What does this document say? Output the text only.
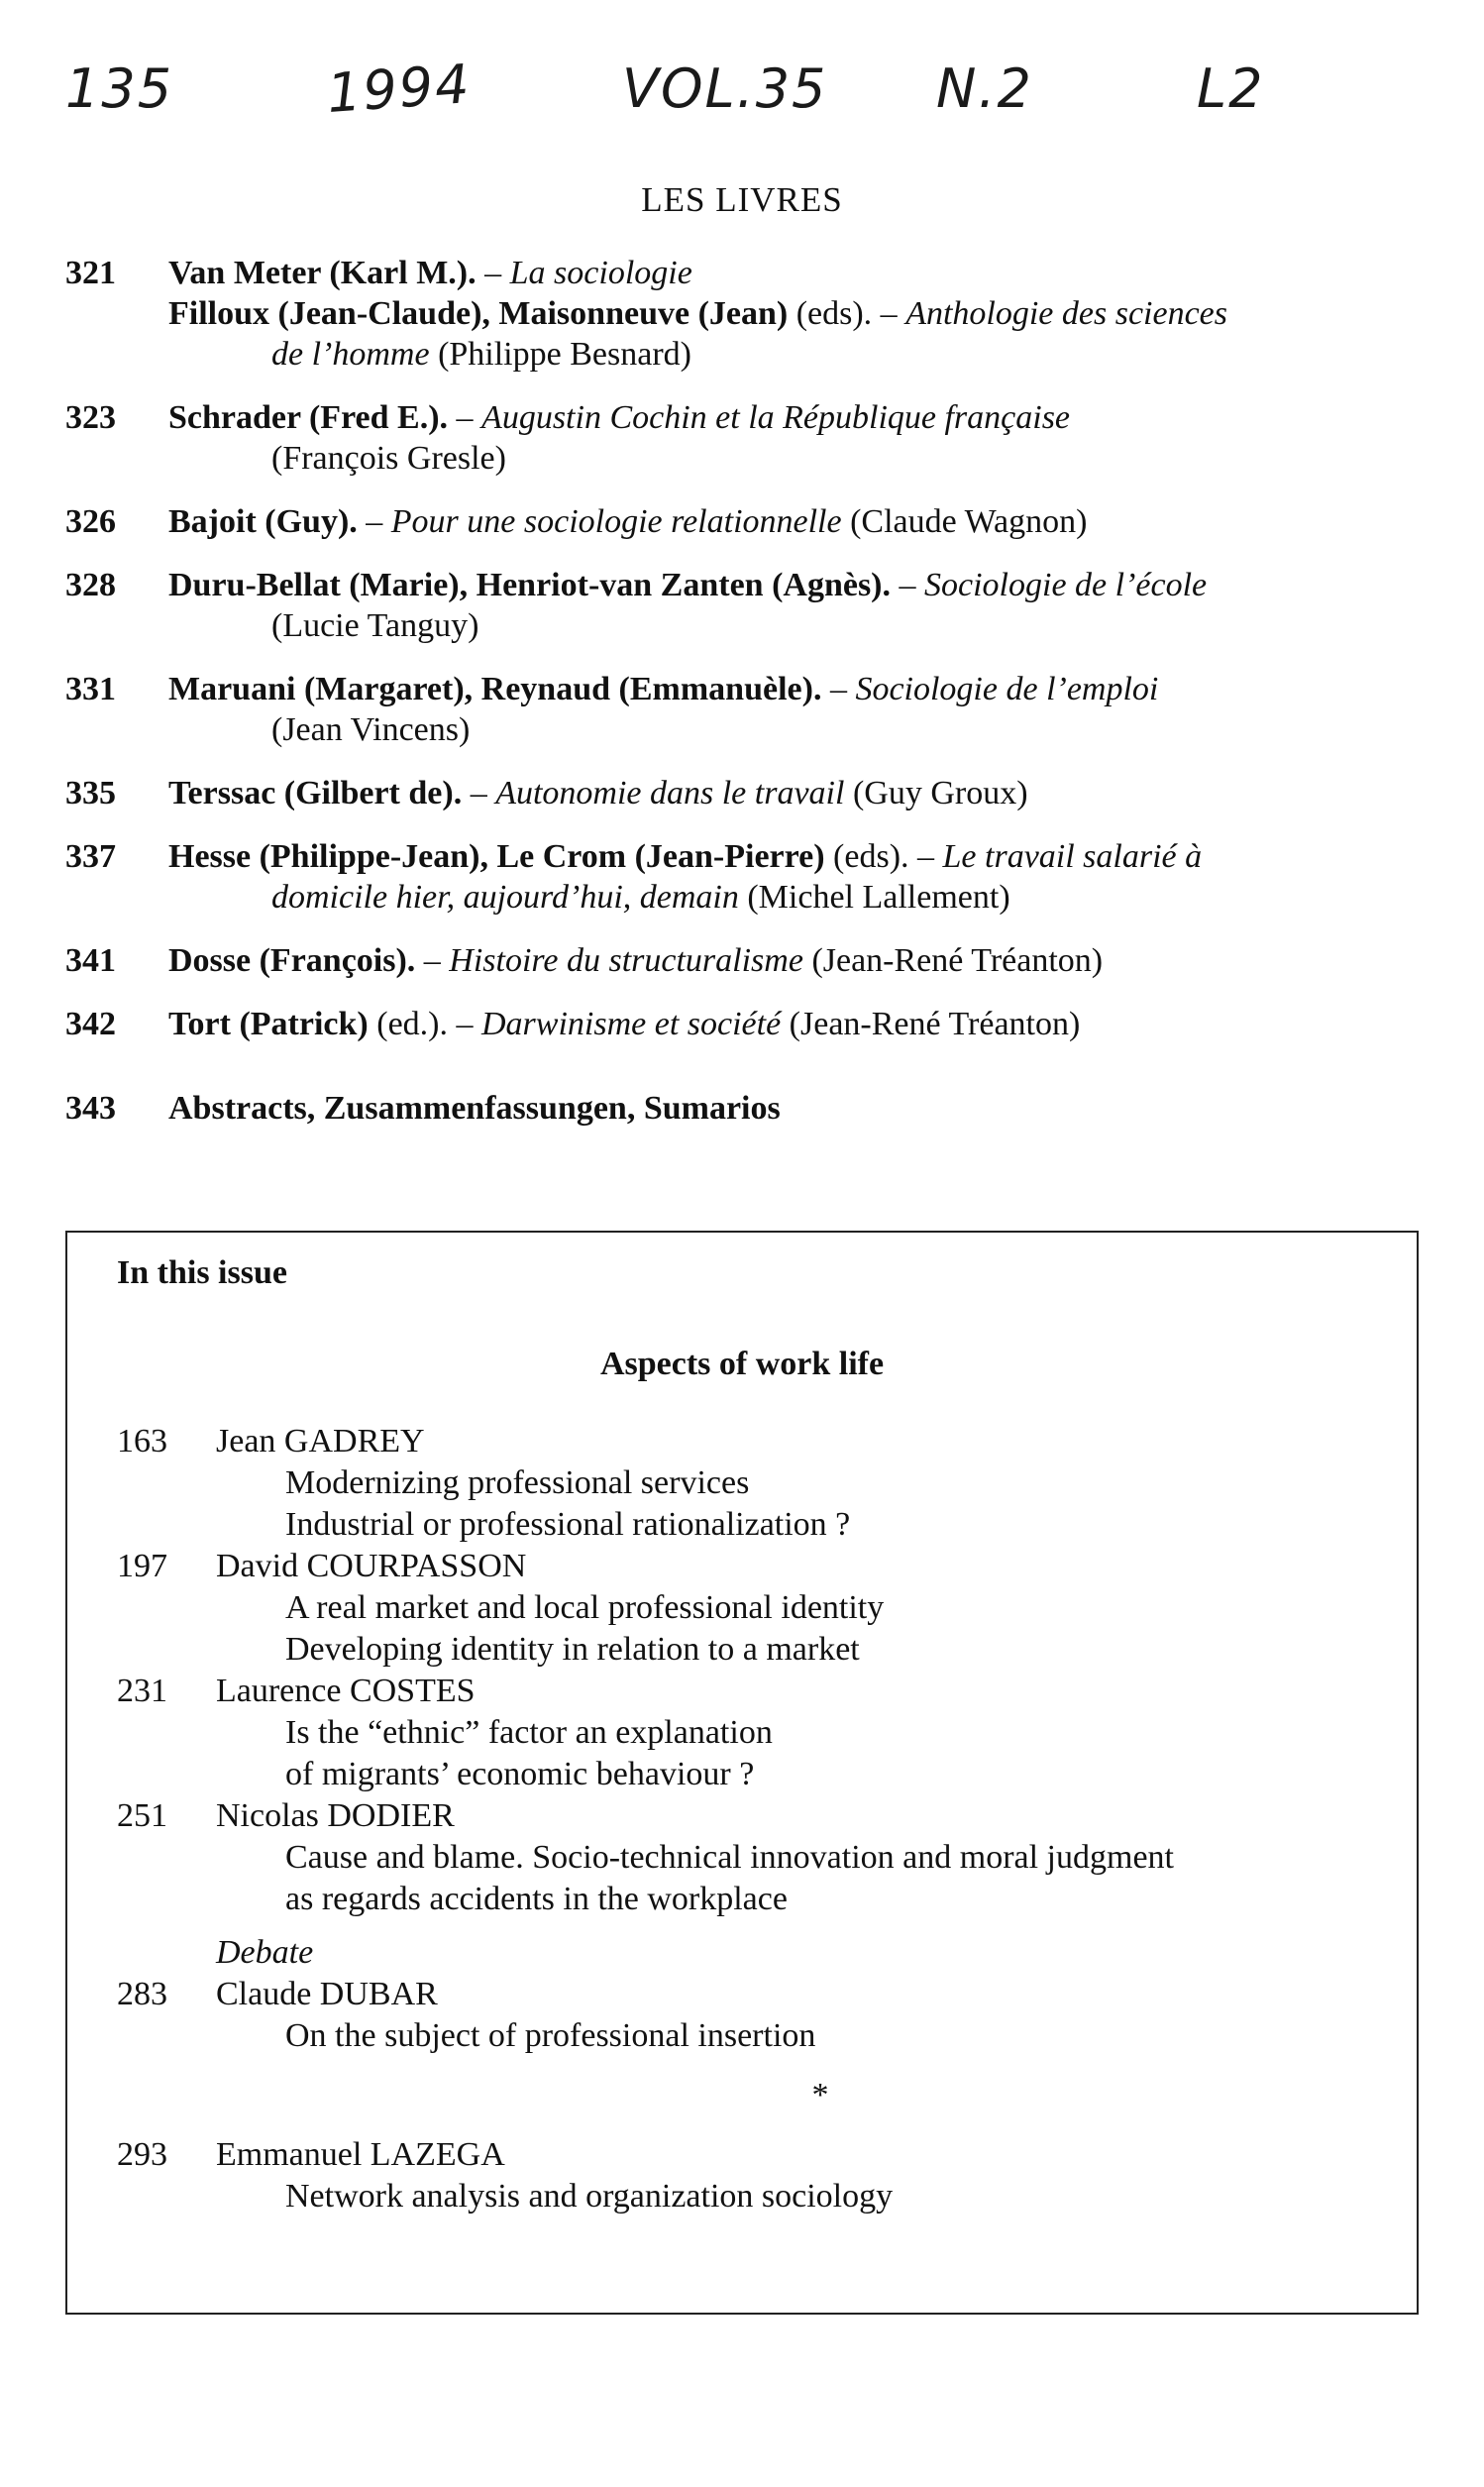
135	1994	VOL.35 N.2	L2
LES LIVRES
321	Van Meter (Karl M.). – La sociologie
Filloux (Jean-Claude), Maisonneuve (Jean) (eds). – Anthologie des sciences
de l’homme (Philippe Besnard)
323	Schrader (Fred E.). – Augustin Cochin et la République française
(François Gresle)
326	Bajoit (Guy). – Pour une sociologie relationnelle (Claude Wagnon)
328	Duru-Bellat (Marie), Henriot-van Zanten (Agnès). – Sociologie de l’école
(Lucie Tanguy)
331	Maruani (Margaret), Reynaud (Emmanuèle). – Sociologie de l’emploi
(Jean Vincens)
335	Terssac (Gilbert de). – Autonomie dans le travail (Guy Groux)
337	Hesse (Philippe-Jean), Le Crom (Jean-Pierre) (eds). – Le travail salarié à
domicile hier, aujourd’hui, demain (Michel Lallement)
341	Dosse (François). – Histoire du structuralisme (Jean-René Tréanton)
342	Tort (Patrick) (ed.). – Darwinisme et société (Jean-René Tréanton)
343	Abstracts, Zusammenfassungen, Sumarios
In this issue
Aspects of work life
163	Jean GADREY
Modernizing professional services
Industrial or professional rationalization ?
197	David COURPASSON
A real market and local professional identity
Developing identity in relation to a market
231	Laurence COSTES
Is the “ethnic” factor an explanation
of migrants’ economic behaviour ?
251	Nicolas DODIER
Cause and blame. Socio-technical innovation and moral judgment
as regards accidents in the workplace
Debate
283	Claude DUBAR
On the subject of professional insertion
*
293	Emmanuel LAZEGA
Network analysis and organization sociology
